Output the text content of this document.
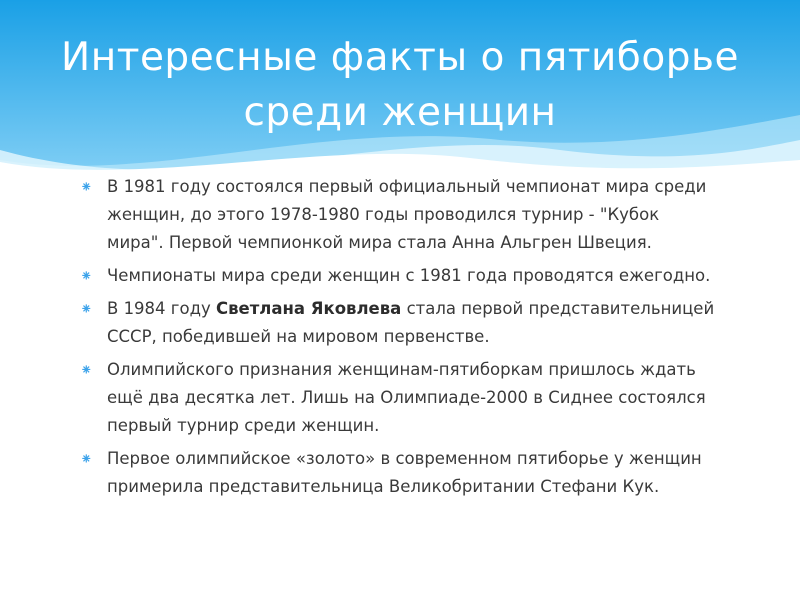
Интересные факты о пятиборье
среди женщин
⁕ В 1981 году состоялся первый официальный чемпионат мира среди женщин, до этого 1978-1980 годы проводился турнир - "Кубок мира". Первой чемпионкой мира стала Анна Альгрен Швеция.
⁕ Чемпионаты мира среди женщин с 1981 года проводятся ежегодно.
⁕ В 1984 году Светлана Яковлева стала первой представительницей СССР, победившей на мировом первенстве.
⁕ Олимпийского признания женщинам-пятиборкам пришлось ждать ещё два десятка лет. Лишь на Олимпиаде-2000 в Сиднее состоялся первый турнир среди женщин.
⁕ Первое олимпийское «золото» в современном пятиборье у женщин примерила представительница Великобритании Стефани Кук.
